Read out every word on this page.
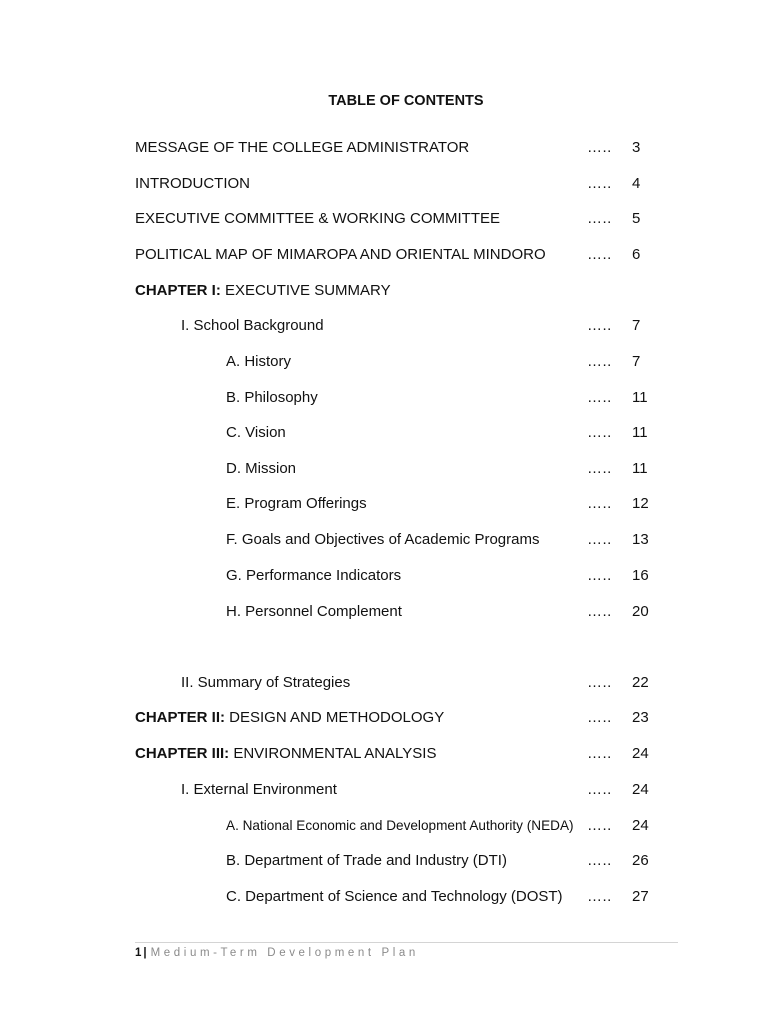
TABLE OF CONTENTS
MESSAGE OF THE COLLEGE ADMINISTRATOR	….. 3
INTRODUCTION	….. 4
EXECUTIVE COMMITTEE & WORKING COMMITTEE	….. 5
POLITICAL MAP OF MIMAROPA AND ORIENTAL MINDORO	….. 6
CHAPTER I: EXECUTIVE SUMMARY
I. School Background	….. 7
A. History	….. 7
B. Philosophy	….. 11
C. Vision	….. 11
D. Mission	….. 11
E. Program Offerings	….. 12
F. Goals and Objectives of Academic Programs	….. 13
G. Performance Indicators	….. 16
H. Personnel Complement	….. 20
II. Summary of Strategies	….. 22
CHAPTER II: DESIGN AND METHODOLOGY	….. 23
CHAPTER III: ENVIRONMENTAL ANALYSIS	….. 24
I. External Environment	….. 24
A. National Economic and Development Authority (NEDA) ….. 24
B. Department of Trade and Industry (DTI)	….. 26
C. Department of Science and Technology (DOST) ….. 27
1 | Medium-Term Development Plan
